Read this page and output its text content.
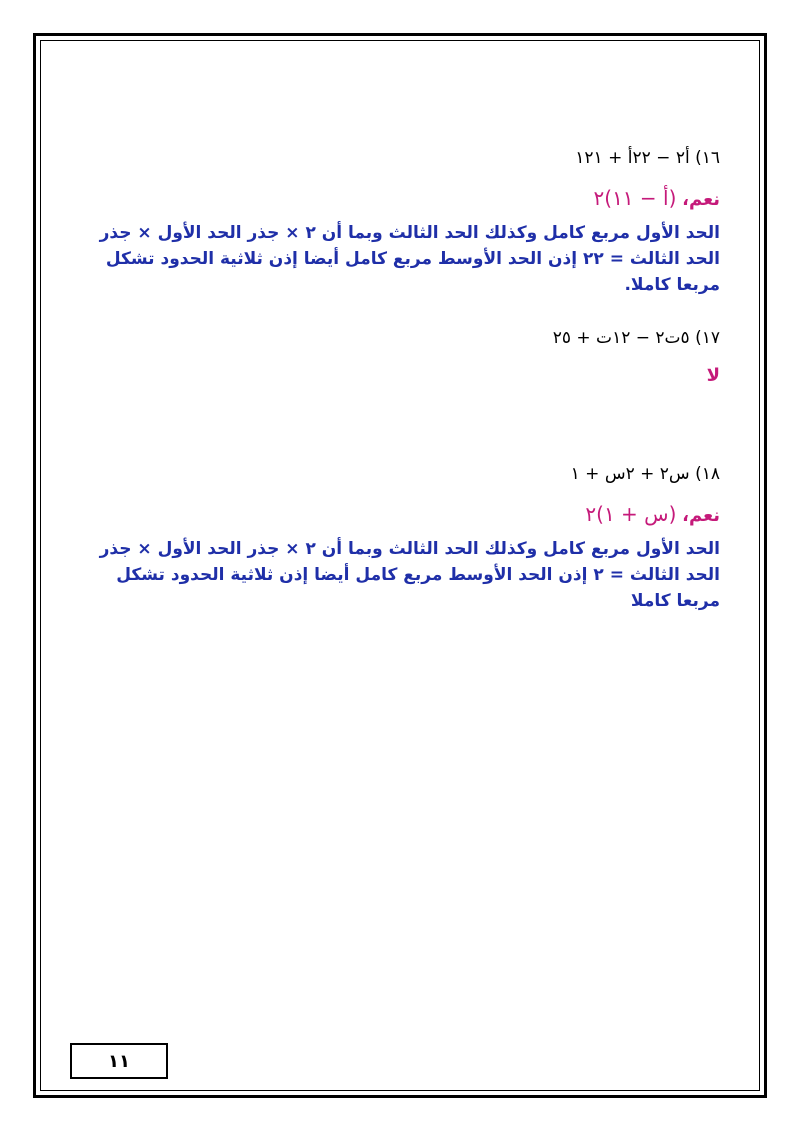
١٦) أ٢ − ٢٢أ + ١٢١
نعم، (أ − ١١)٢

الحد الأول مربع كامل وكذلك الحد الثالث وبما أن ٢ × جذر الحد الأول × جذر الحد الثالث = ٢٢ إذن الحد الأوسط مربع كامل أيضا إذن ثلاثية الحدود تشكل مربعا كاملا.

١٧) ٥ت٢ − ١٢ت + ٢٥
لا
١٨) س٢ + ٢س + ١
نعم، (س + ١)٢

الحد الأول مربع كامل وكذلك الحد الثالث وبما أن ٢ × جذر الحد الأول × جذر الحد الثالث = ٢ إذن الحد الأوسط مربع كامل أيضا إذن ثلاثية الحدود تشكل مربعا كاملا

١١
